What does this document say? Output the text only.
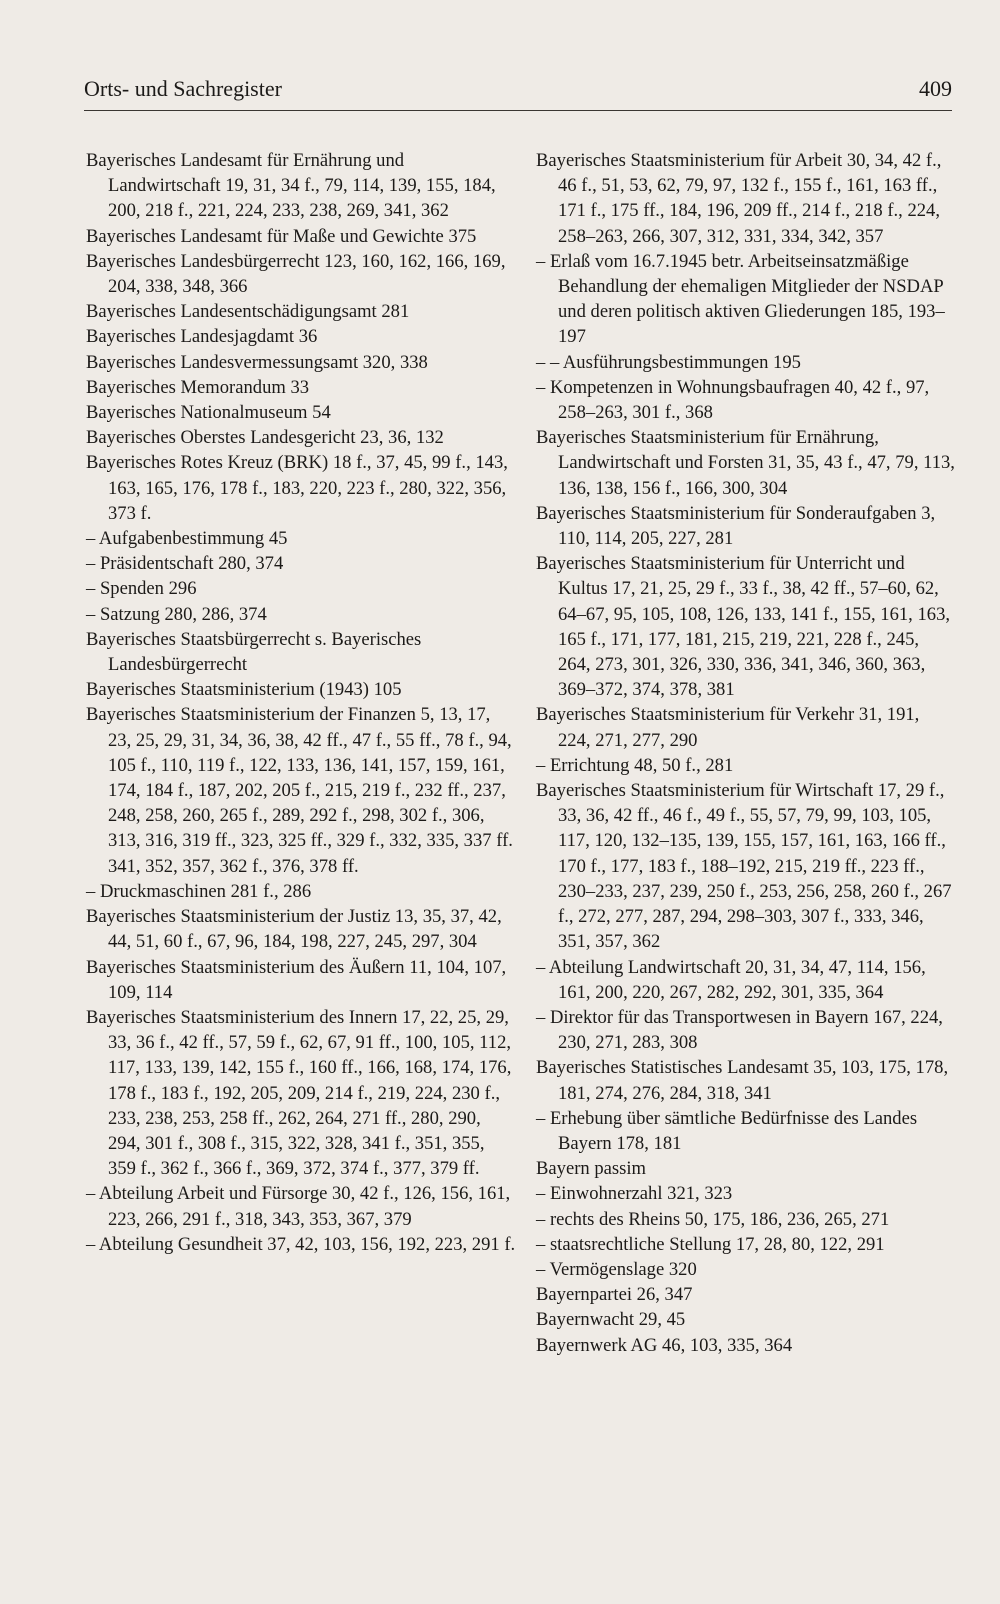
Orts- und Sachregister	409

Bayerisches Landesamt für Ernährung und Landwirtschaft 19, 31, 34 f., 79, 114, 139, 155, 184, 200, 218 f., 221, 224, 233, 238, 269, 341, 362

Bayerisches Landesamt für Maße und Gewichte 375

Bayerisches Landesbürgerrecht 123, 160, 162, 166, 169, 204, 338, 348, 366

Bayerisches Landesentschädigungsamt 281

Bayerisches Landesjagdamt 36

Bayerisches Landesvermessungsamt 320, 338

Bayerisches Memorandum 33

Bayerisches Nationalmuseum 54

Bayerisches Oberstes Landesgericht 23, 36, 132

Bayerisches Rotes Kreuz (BRK) 18 f., 37, 45, 99 f., 143, 163, 165, 176, 178 f., 183, 220, 223 f., 280, 322, 356, 373 f.

– Aufgabenbestimmung 45

– Präsidentschaft 280, 374

– Spenden 296

– Satzung 280, 286, 374

Bayerisches Staatsbürgerrecht s. Bayerisches Landesbürgerrecht

Bayerisches Staatsministerium (1943) 105

Bayerisches Staatsministerium der Finanzen 5, 13, 17, 23, 25, 29, 31, 34, 36, 38, 42 ff., 47 f., 55 ff., 78 f., 94, 105 f., 110, 119 f., 122, 133, 136, 141, 157, 159, 161, 174, 184 f., 187, 202, 205 f., 215, 219 f., 232 ff., 237, 248, 258, 260, 265 f., 289, 292 f., 298, 302 f., 306, 313, 316, 319 ff., 323, 325 ff., 329 f., 332, 335, 337 ff. 341, 352, 357, 362 f., 376, 378 ff.

– Druckmaschinen 281 f., 286

Bayerisches Staatsministerium der Justiz 13, 35, 37, 42, 44, 51, 60 f., 67, 96, 184, 198, 227, 245, 297, 304

Bayerisches Staatsministerium des Äußern 11, 104, 107, 109, 114

Bayerisches Staatsministerium des Innern 17, 22, 25, 29, 33, 36 f., 42 ff., 57, 59 f., 62, 67, 91 ff., 100, 105, 112, 117, 133, 139, 142, 155 f., 160 ff., 166, 168, 174, 176, 178 f., 183 f., 192, 205, 209, 214 f., 219, 224, 230 f., 233, 238, 253, 258 ff., 262, 264, 271 ff., 280, 290, 294, 301 f., 308 f., 315, 322, 328, 341 f., 351, 355, 359 f., 362 f., 366 f., 369, 372, 374 f., 377, 379 ff.

– Abteilung Arbeit und Fürsorge 30, 42 f., 126, 156, 161, 223, 266, 291 f., 318, 343, 353, 367, 379

– Abteilung Gesundheit 37, 42, 103, 156, 192, 223, 291 f.

Bayerisches Staatsministerium für Arbeit 30, 34, 42 f., 46 f., 51, 53, 62, 79, 97, 132 f., 155 f., 161, 163 ff., 171 f., 175 ff., 184, 196, 209 ff., 214 f., 218 f., 224, 258–263, 266, 307, 312, 331, 334, 342, 357

– Erlaß vom 16.7.1945 betr. Arbeitseinsatzmäßige Behandlung der ehemaligen Mitglieder der NSDAP und deren politisch aktiven Gliederungen 185, 193–197

– – Ausführungsbestimmungen 195

– Kompetenzen in Wohnungsbaufragen 40, 42 f., 97, 258–263, 301 f., 368

Bayerisches Staatsministerium für Ernährung, Landwirtschaft und Forsten 31, 35, 43 f., 47, 79, 113, 136, 138, 156 f., 166, 300, 304

Bayerisches Staatsministerium für Sonderaufgaben 3, 110, 114, 205, 227, 281

Bayerisches Staatsministerium für Unterricht und Kultus 17, 21, 25, 29 f., 33 f., 38, 42 ff., 57–60, 62, 64–67, 95, 105, 108, 126, 133, 141 f., 155, 161, 163, 165 f., 171, 177, 181, 215, 219, 221, 228 f., 245, 264, 273, 301, 326, 330, 336, 341, 346, 360, 363, 369–372, 374, 378, 381

Bayerisches Staatsministerium für Verkehr 31, 191, 224, 271, 277, 290

– Errichtung 48, 50 f., 281

Bayerisches Staatsministerium für Wirtschaft 17, 29 f., 33, 36, 42 ff., 46 f., 49 f., 55, 57, 79, 99, 103, 105, 117, 120, 132–135, 139, 155, 157, 161, 163, 166 ff., 170 f., 177, 183 f., 188–192, 215, 219 ff., 223 ff., 230–233, 237, 239, 250 f., 253, 256, 258, 260 f., 267 f., 272, 277, 287, 294, 298–303, 307 f., 333, 346, 351, 357, 362

– Abteilung Landwirtschaft 20, 31, 34, 47, 114, 156, 161, 200, 220, 267, 282, 292, 301, 335, 364

– Direktor für das Transportwesen in Bayern 167, 224, 230, 271, 283, 308

Bayerisches Statistisches Landesamt 35, 103, 175, 178, 181, 274, 276, 284, 318, 341

– Erhebung über sämtliche Bedürfnisse des Landes Bayern 178, 181

Bayern passim

– Einwohnerzahl 321, 323

– rechts des Rheins 50, 175, 186, 236, 265, 271

– staatsrechtliche Stellung 17, 28, 80, 122, 291

– Vermögenslage 320

Bayernpartei 26, 347

Bayernwacht 29, 45

Bayernwerk AG 46, 103, 335, 364
